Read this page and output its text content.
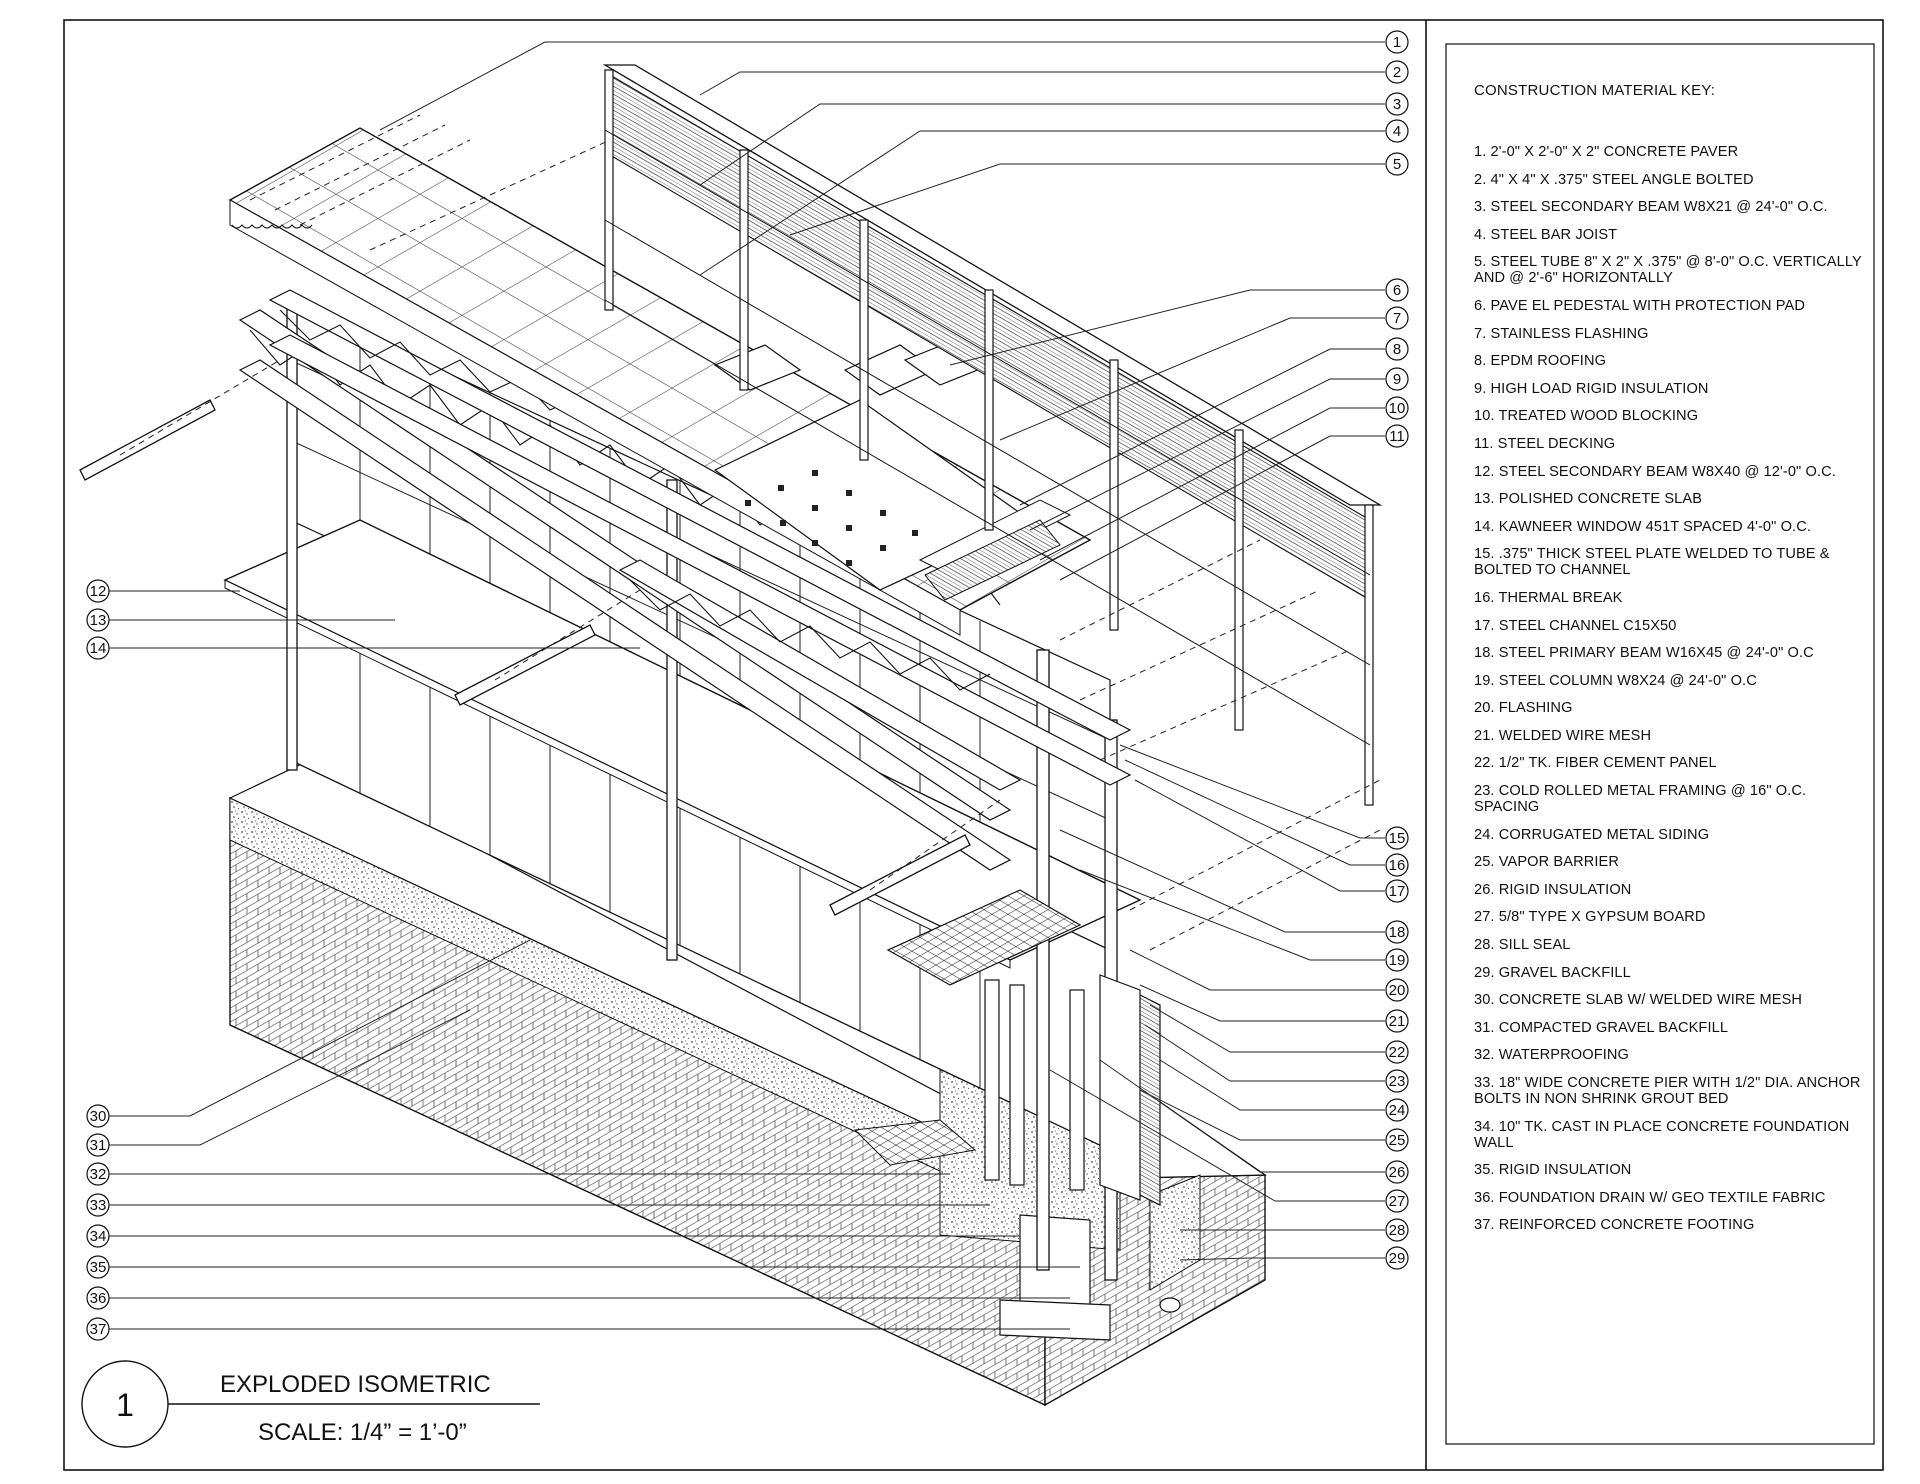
1
2
3
4
5
6
7
8
9
10
11
15
16
17
18
19
20
21
22
23
24
25
26
27
28
29
12
13
14
30
31
32
33
34
35
36
37
1
EXPLODED ISOMETRIC
SCALE: 1/4” = 1’-0”
CONSTRUCTION MATERIAL KEY:
1. 2'-0" X 2'-0" X 2" CONCRETE PAVER
2. 4" X 4" X .375" STEEL ANGLE BOLTED
3. STEEL SECONDARY BEAM W8X21 @ 24'-0" O.C.
4. STEEL BAR JOIST
5. STEEL TUBE 8" X 2" X .375" @ 8'-0" O.C. VERTICALLY AND @ 2'-6" HORIZONTALLY
6. PAVE EL PEDESTAL WITH PROTECTION PAD
7. STAINLESS FLASHING
8. EPDM ROOFING
9. HIGH LOAD RIGID INSULATION
10. TREATED WOOD BLOCKING
11. STEEL DECKING
12. STEEL SECONDARY BEAM W8X40 @ 12'-0" O.C.
13. POLISHED CONCRETE SLAB
14. KAWNEER WINDOW 451T SPACED 4'-0" O.C.
15. .375" THICK STEEL PLATE WELDED TO TUBE & BOLTED TO CHANNEL
16. THERMAL BREAK
17. STEEL CHANNEL C15X50
18. STEEL PRIMARY BEAM W16X45 @ 24'-0" O.C
19. STEEL COLUMN W8X24 @ 24'-0" O.C
20. FLASHING
21. WELDED WIRE MESH
22. 1/2" TK. FIBER CEMENT PANEL
23. COLD ROLLED METAL FRAMING @ 16" O.C. SPACING
24. CORRUGATED METAL SIDING
25. VAPOR BARRIER
26. RIGID INSULATION
27. 5/8" TYPE X GYPSUM BOARD
28. SILL SEAL
29. GRAVEL BACKFILL
30. CONCRETE SLAB W/ WELDED WIRE MESH
31. COMPACTED GRAVEL BACKFILL
32. WATERPROOFING
33. 18" WIDE CONCRETE PIER WITH 1/2" DIA. ANCHOR BOLTS IN NON SHRINK GROUT BED
34. 10" TK. CAST IN PLACE CONCRETE FOUNDATION WALL
35. RIGID INSULATION
36. FOUNDATION DRAIN W/ GEO TEXTILE FABRIC
37. REINFORCED CONCRETE FOOTING
